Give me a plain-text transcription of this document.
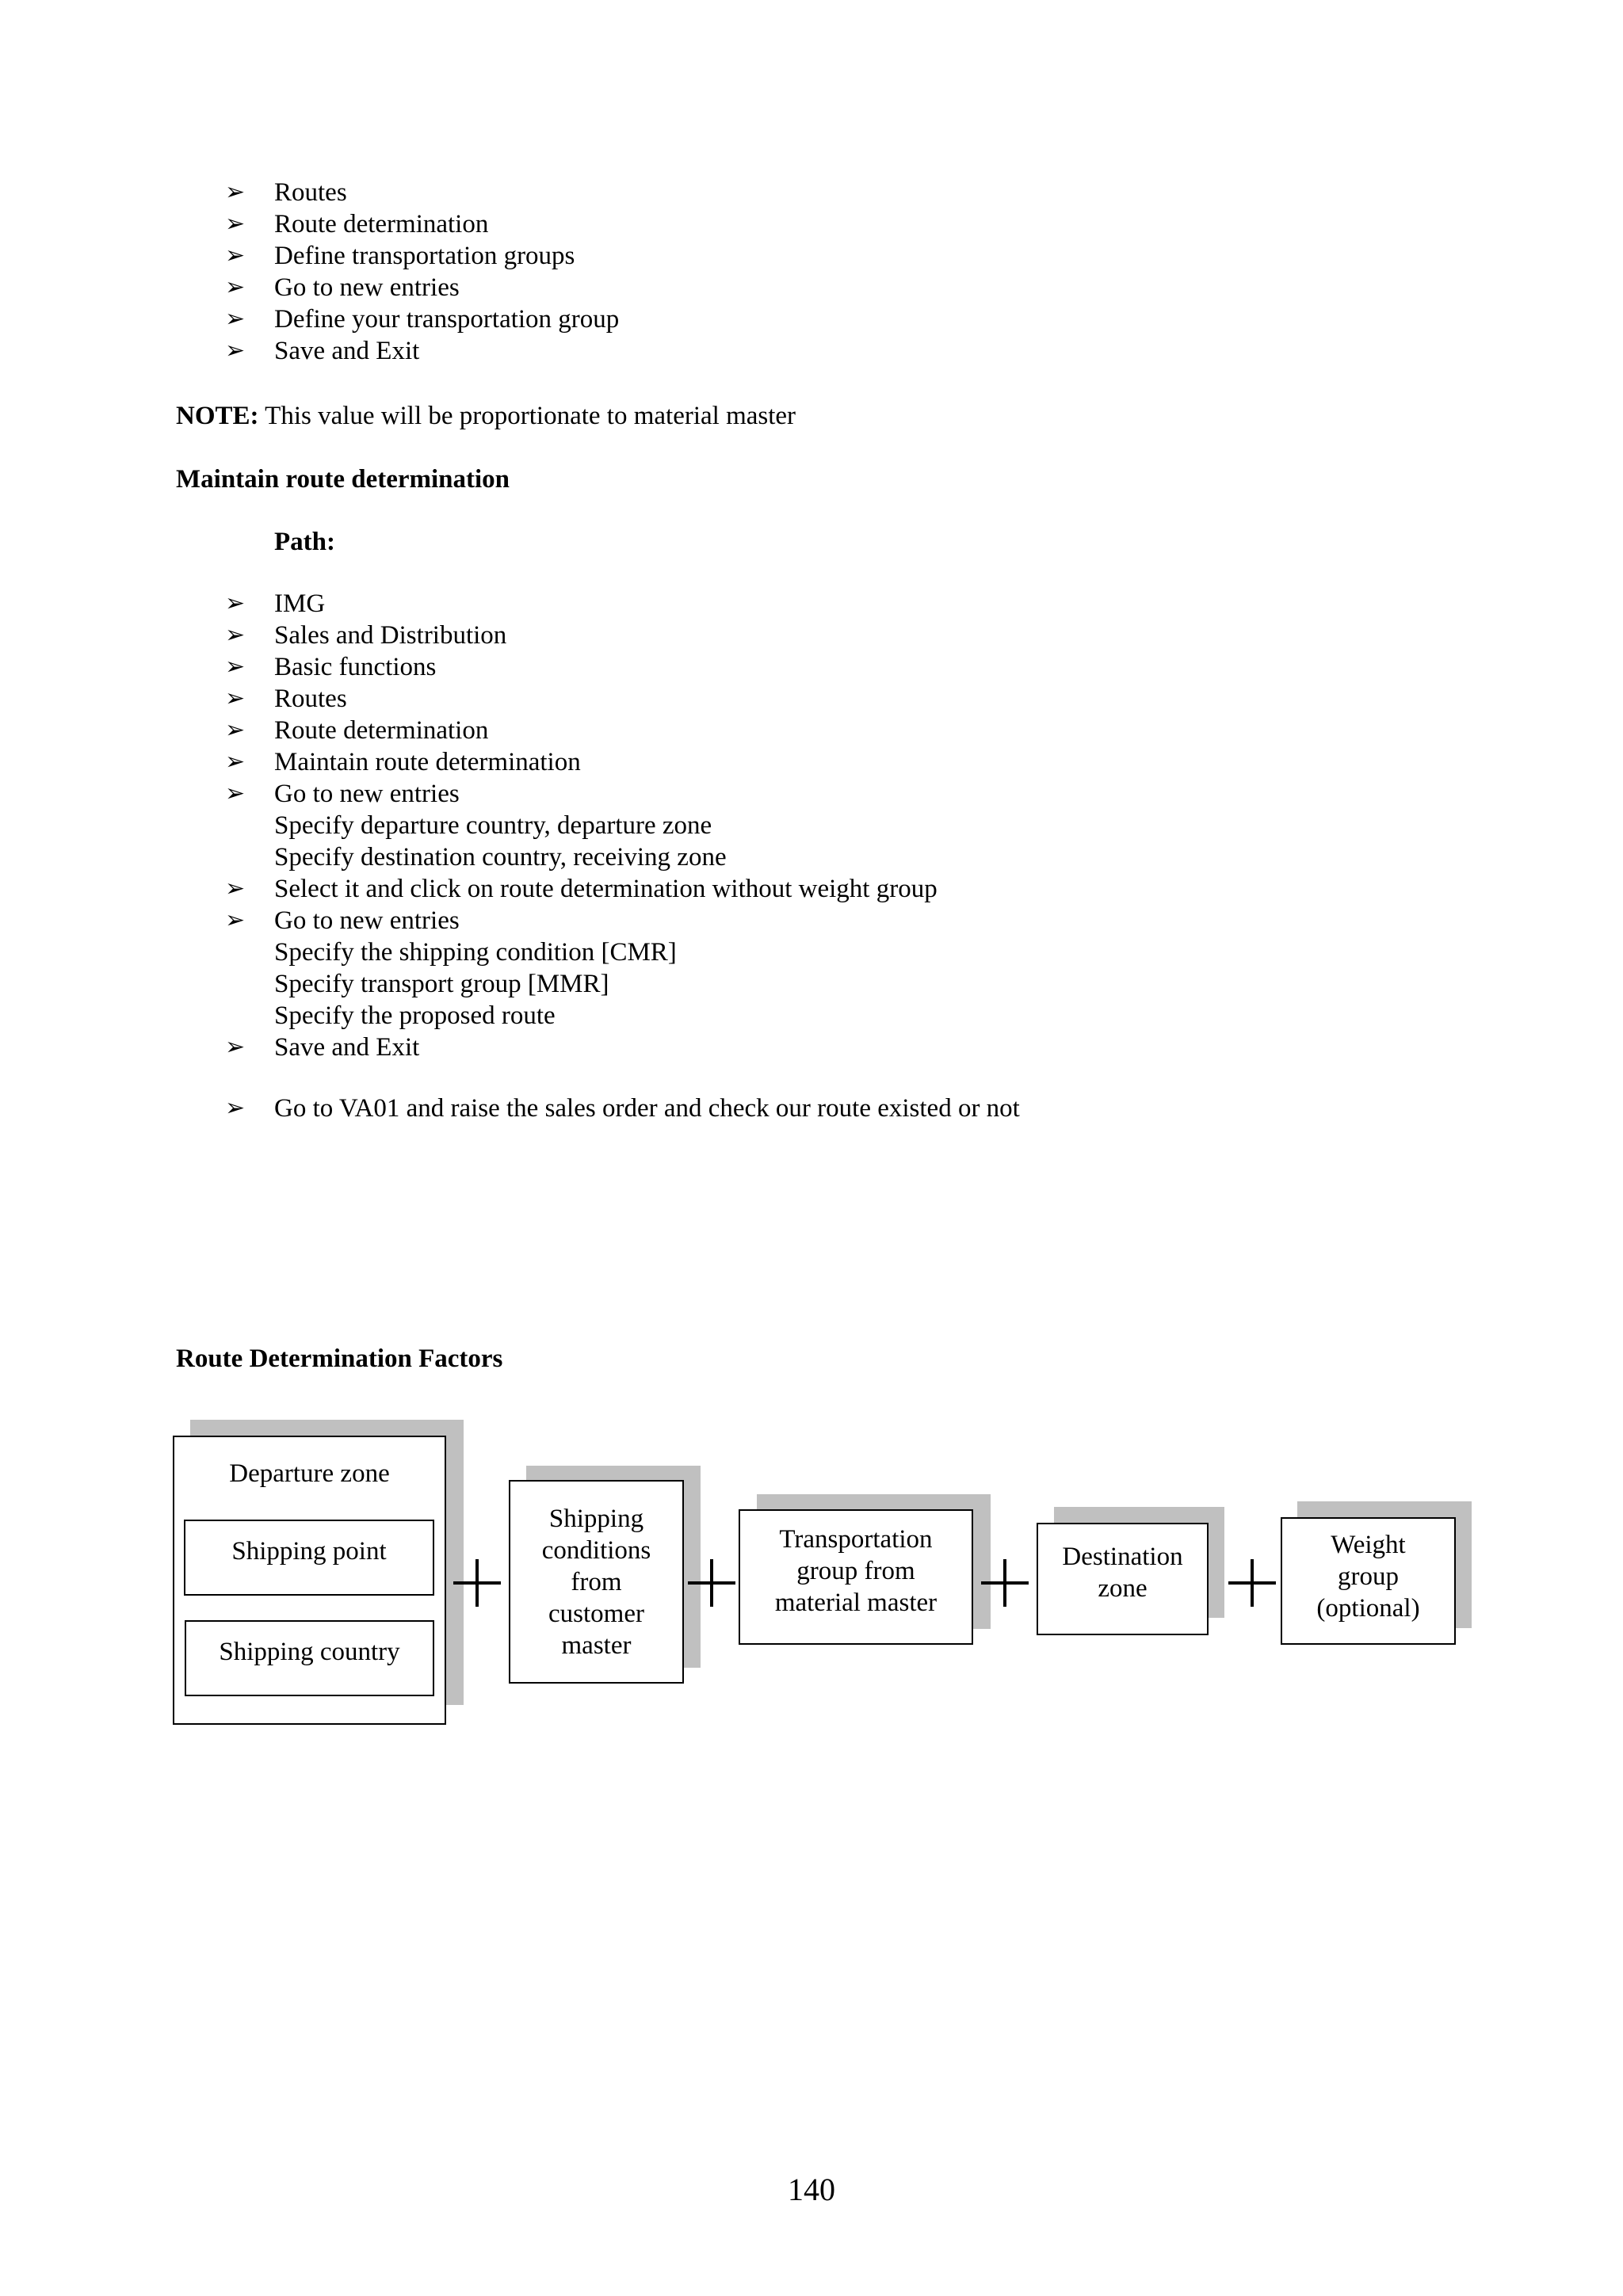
➢ Routes
➢ Route determination
➢ Define transportation groups
➢ Go to new entries
➢ Define your transportation group
➢ Save and Exit
NOTE: This value will be proportionate to material master
Maintain route determination
Path:
➢ IMG
➢ Sales and Distribution
➢ Basic functions
➢ Routes
➢ Route determination
➢ Maintain route determination
➢ Go to new entries
Specify departure country, departure zone
Specify destination country, receiving zone
➢ Select it and click on route determination without weight group
➢ Go to new entries
Specify the shipping condition [CMR]
Specify transport group [MMR]
Specify the proposed route
➢ Save and Exit
➢ Go to VA01 and raise the sales order and check our route existed or not
Route Determination Factors
Departure zone
Shipping point
Shipping country
Shipping
conditions
from
customer
master
Transportation
group from
material master
Destination
zone
Weight
group
(optional)
140
